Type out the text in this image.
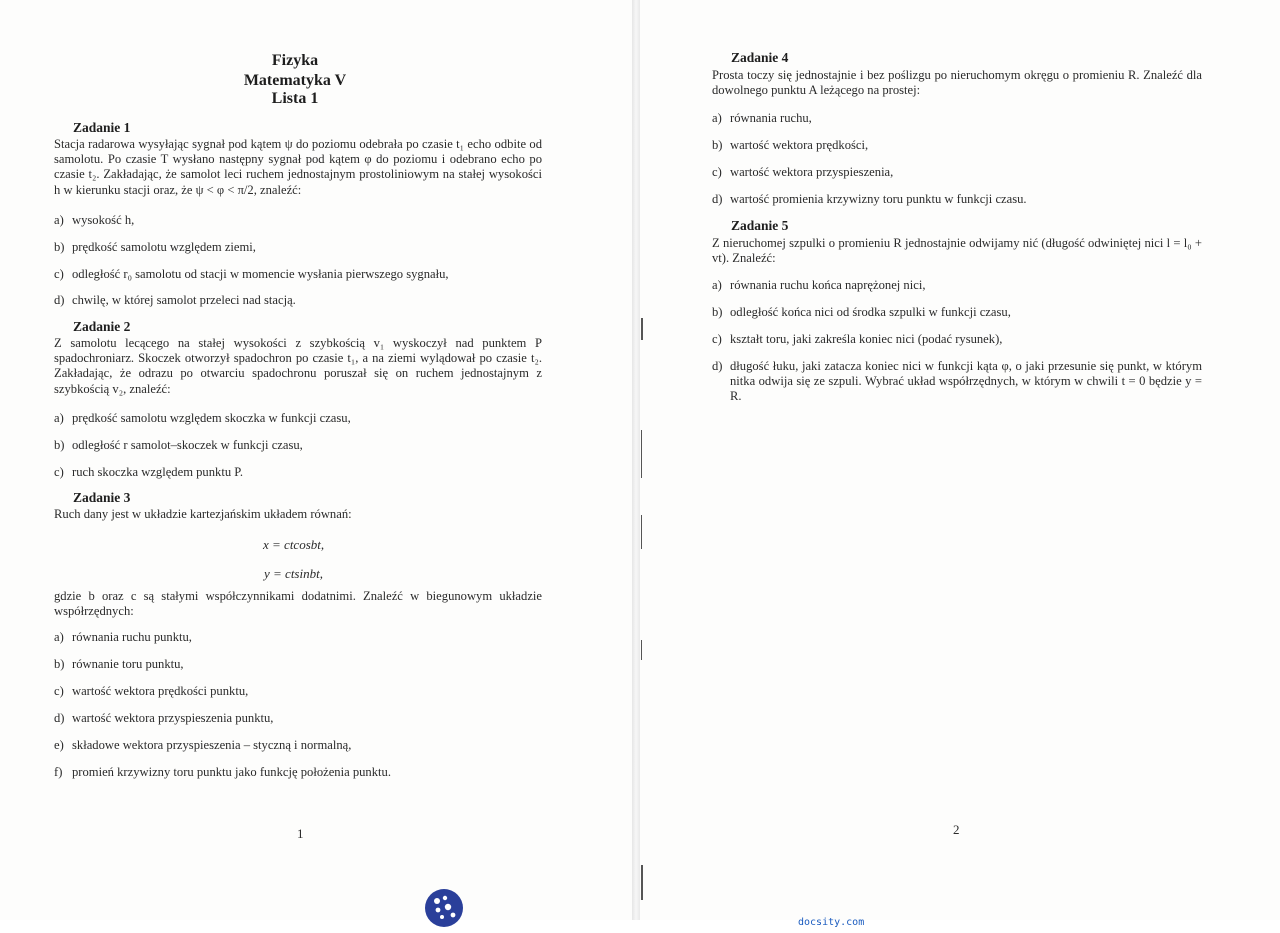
Fizyka
Matematyka V
Lista 1
Zadanie 1
Stacja radarowa wysyłając sygnał pod kątem ψ do poziomu odebrała po czasie t₁ echo odbite od samolotu. Po czasie T wysłano następny sygnał pod kątem φ do poziomu i odebrano echo po czasie t₂. Zakładając, że samolot leci ruchem jednostajnym prostoliniowym na stałej wysokości h w kierunku stacji oraz, że ψ < φ < π/2, znaleźć:
a) wysokość h,
b) prędkość samolotu względem ziemi,
c) odległość r₀ samolotu od stacji w momencie wysłania pierwszego sygnału,
d) chwilę, w której samolot przeleci nad stacją.
Zadanie 2
Z samolotu lecącego na stałej wysokości z szybkością v₁ wyskoczył nad punktem P spadochroniarz. Skoczek otworzył spadochron po czasie t₁, a na ziemi wylądował po czasie t₂. Zakładając, że odrazu po otwarciu spadochronu poruszał się on ruchem jednostajnym z szybkością v₂, znaleźć:
a) prędkość samolotu względem skoczka w funkcji czasu,
b) odległość r samolot–skoczek w funkcji czasu,
c) ruch skoczka względem punktu P.
Zadanie 3
Ruch dany jest w układzie kartezjańskim układem równań:
x = ctcosbt,
y = ctsinbt,
gdzie b oraz c są stałymi współczynnikami dodatnimi. Znaleźć w biegunowym układzie współrzędnych:
a) równania ruchu punktu,
b) równanie toru punktu,
c) wartość wektora prędkości punktu,
d) wartość wektora przyspieszenia punktu,
e) składowe wektora przyspieszenia – styczną i normalną,
f) promień krzywizny toru punktu jako funkcję położenia punktu.
1
Zadanie 4
Prosta toczy się jednostajnie i bez poślizgu po nieruchomym okręgu o promieniu R. Znaleźć dla dowolnego punktu A leżącego na prostej:
a) równania ruchu,
b) wartość wektora prędkości,
c) wartość wektora przyspieszenia,
d) wartość promienia krzywizny toru punktu w funkcji czasu.
Zadanie 5
Z nieruchomej szpulki o promieniu R jednostajnie odwijamy nić (długość odwiniętej nici l = l₀ + vt). Znaleźć:
a) równania ruchu końca naprężonej nici,
b) odległość końca nici od środka szpulki w funkcji czasu,
c) kształt toru, jaki zakreśla koniec nici (podać rysunek),
d) długość łuku, jaki zatacza koniec nici w funkcji kąta φ, o jaki przesunie się punkt, w którym nitka odwija się ze szpuli. Wybrać układ współrzędnych, w którym w chwili t = 0 będzie y = R.
2
docsity.com
